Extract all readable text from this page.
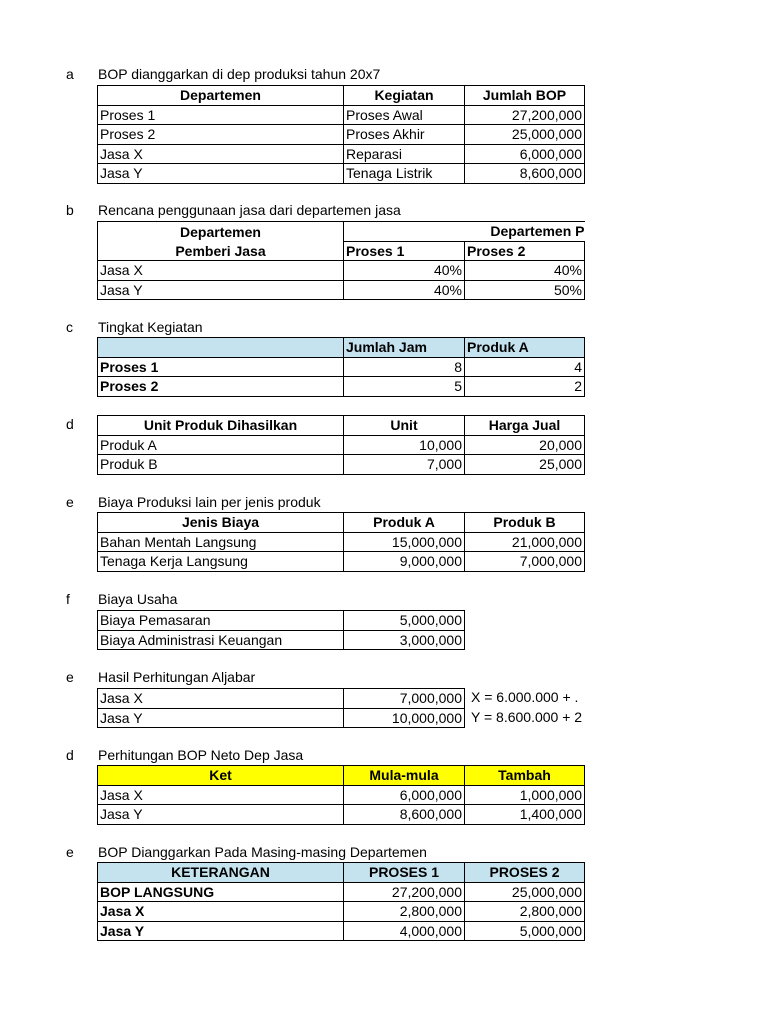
a BOP dianggarkan di dep produksi tahun 20x7
Departemen	Kegiatan	Jumlah BOP
Proses 1	Proses Awal	27,200,000
Proses 2	Proses Akhir	25,000,000
Jasa X	Reparasi	6,000,000
Jasa Y	Tenaga Listrik	8,600,000
b Rencana penggunaan jasa dari departemen jasa
Departemen	Departemen P	
Pemberi Jasa	Proses 1	Proses 2
Jasa X	40%	40%
Jasa Y	40%	50%
c Tingkat Kegiatan
	Jumlah Jam	Produk A
Proses 1	8	4
Proses 2	5	2
d	Unit Produk Dihasilkan	Unit	Harga Jual
Produk A	10,000	20,000
Produk B	7,000	25,000
e Biaya Produksi lain per jenis produk
Jenis Biaya	Produk A	Produk B
Bahan Mentah Langsung	15,000,000	21,000,000
Tenaga Kerja Langsung	9,000,000	7,000,000
f Biaya Usaha
Biaya Pemasaran	5,000,000
Biaya Administrasi Keuangan	3,000,000
e Hasil Perhitungan Aljabar
Jasa X	7,000,000
Jasa Y	10,000,000
X = 6.000.000 + .
Y = 8.600.000 + 2
d Perhitungan BOP Neto Dep Jasa
Ket	Mula-mula	Tambah
Jasa X	6,000,000	1,000,000
Jasa Y	8,600,000	1,400,000
e BOP Dianggarkan Pada Masing-masing Departemen
KETERANGAN	PROSES 1	PROSES 2
BOP LANGSUNG	27,200,000	25,000,000
Jasa X	2,800,000	2,800,000
Jasa Y	4,000,000	5,000,000
